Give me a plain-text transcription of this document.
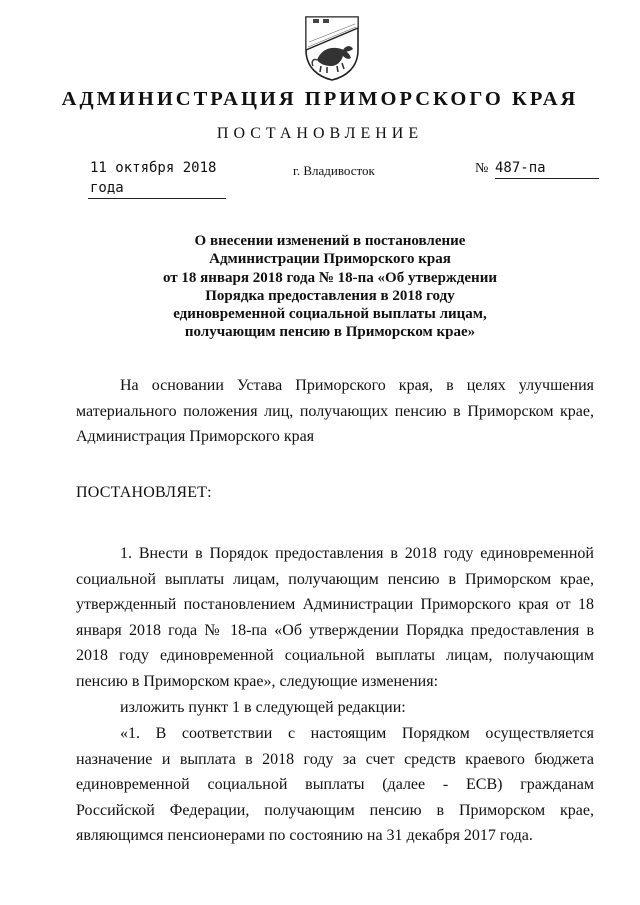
АДМИНИСТРАЦИЯ ПРИМОРСКОГО КРАЯ
ПОСТАНОВЛЕНИЕ
11 октября 2018 года
г. Владивосток	№ 487-па
О внесении изменений в постановление
Администрации Приморского края
от 18 января 2018 года № 18-па «Об утверждении
Порядка предоставления в 2018 году
единовременной социальной выплаты лицам,
получающим пенсию в Приморском крае»
На основании Устава Приморского края, в целях улучшения материального положения лиц, получающих пенсию в Приморском крае, Администрация Приморского края
ПОСТАНОВЛЯЕТ:
1. Внести в Порядок предоставления в 2018 году единовременной социальной выплаты лицам, получающим пенсию в Приморском крае, утвержденный постановлением Администрации Приморского края от 18 января 2018 года № 18-па «Об утверждении Порядка предоставления в 2018 году единовременной социальной выплаты лицам, получающим пенсию в Приморском крае», следующие изменения:
изложить пункт 1 в следующей редакции:
«1. В соответствии с настоящим Порядком осуществляется назначение и выплата в 2018 году за счет средств краевого бюджета единовременной социальной выплаты (далее - ЕСВ) гражданам Российской Федерации, получающим пенсию в Приморском крае, являющимся пенсионерами по состоянию на 31 декабря 2017 года.
